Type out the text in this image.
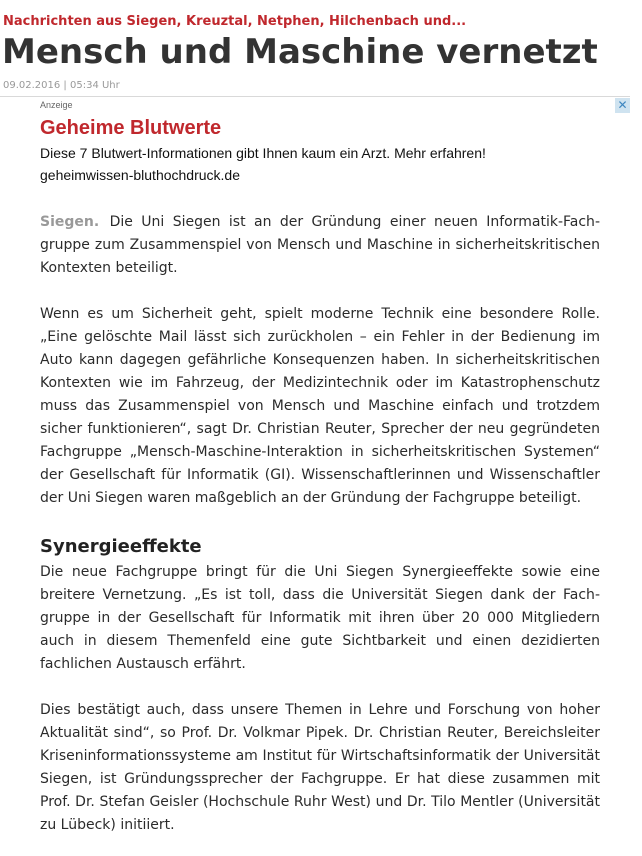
Nachrichten aus Siegen, Kreuztal, Netphen, Hilchenbach und...
Mensch und Maschine vernetzt
09.02.2016 | 05:34 Uhr
Anzeige	✕
Geheime Blutwerte
Diese 7 Blutwert-Informationen gibt Ihnen kaum ein Arzt. Mehr erfahren!
geheimwissen-bluthochdruck.de

Siegen. Die Uni Siegen ist an der Gründung einer neuen Informatik-Fachgruppe zum Zusammenspiel von Mensch und Maschine in sicherheitskritischen Kontexten beteiligt.

Wenn es um Sicherheit geht, spielt moderne Technik eine besondere Rolle. „Eine gelöschte Mail lässt sich zurückholen – ein Fehler in der Bedienung im Auto kann dagegen gefährliche Konsequenzen haben. In sicherheitskritischen Kontexten wie im Fahrzeug, der Medizintechnik oder im Katastrophenschutz muss das Zusammenspiel von Mensch und Maschine einfach und trotzdem sicher funktionieren“, sagt Dr. Christian Reuter, Sprecher der neu gegründeten Fachgruppe „Mensch-Maschine-Interaktion in sicherheitskritischen Systemen“ der Gesellschaft für Informatik (GI). Wissenschaftlerinnen und Wissenschaftler der Uni Siegen waren maßgeblich an der Gründung der Fachgruppe beteiligt.

Synergieeffekte

Die neue Fachgruppe bringt für die Uni Siegen Synergieeffekte sowie eine breitere Vernetzung. „Es ist toll, dass die Universität Siegen dank der Fachgruppe in der Gesellschaft für Informatik mit ihren über 20 000 Mitgliedern auch in diesem Themenfeld eine gute Sichtbarkeit und einen dezidierten fachlichen Austausch erfährt.

Dies bestätigt auch, dass unsere Themen in Lehre und Forschung von hoher Aktualität sind“, so Prof. Dr. Volkmar Pipek. Dr. Christian Reuter, Bereichsleiter Kriseninformationssysteme am Institut für Wirtschaftsinformatik der Universität Siegen, ist Gründungssprecher der Fachgruppe. Er hat diese zusammen mit Prof. Dr. Stefan Geisler (Hochschule Ruhr West) und Dr. Tilo Mentler (Universität zu Lübeck) initiiert.
